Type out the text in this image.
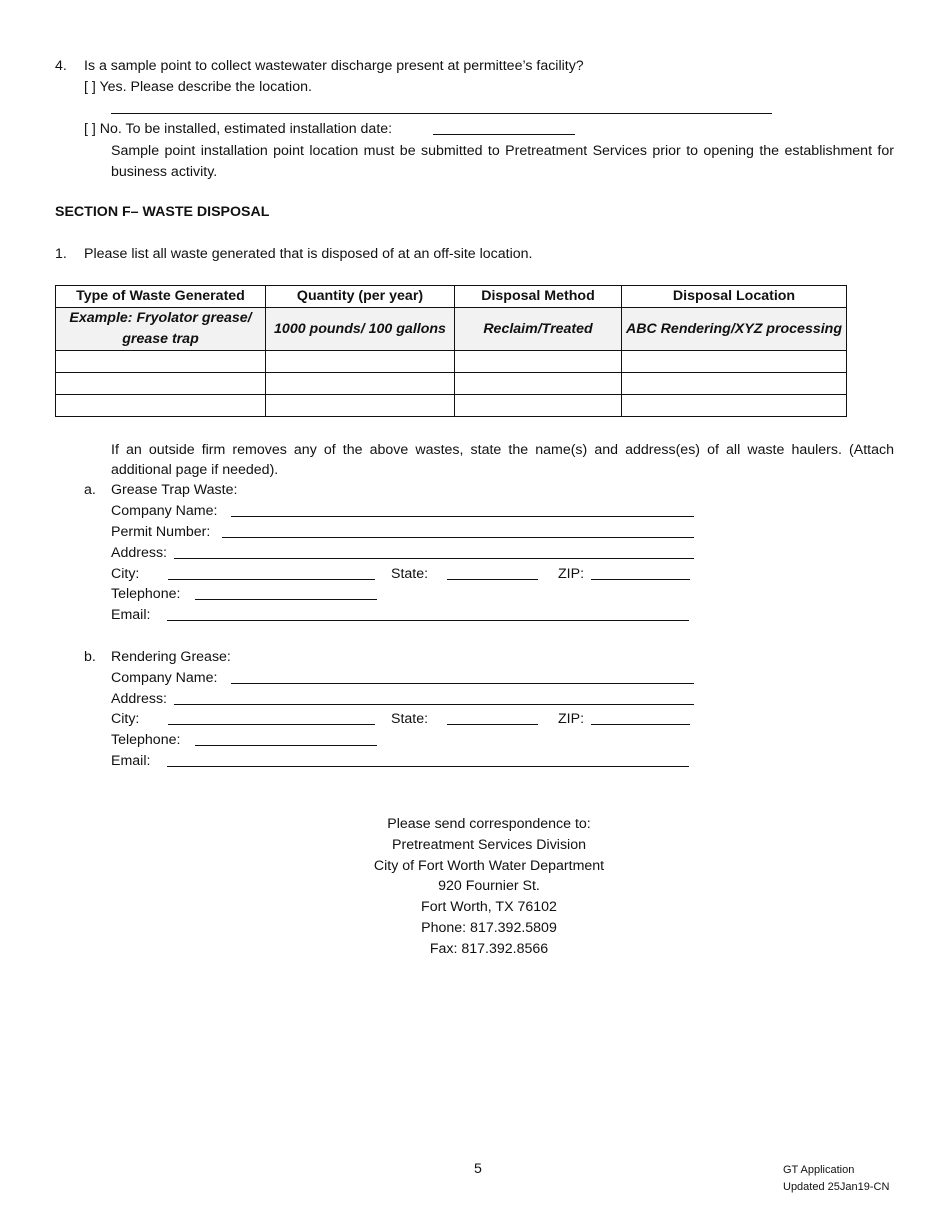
4. Is a sample point to collect wastewater discharge present at permittee’s facility?
[ ] Yes. Please describe the location.
[ ] No. To be installed, estimated installation date:
Sample point installation point location must be submitted to Pretreatment Services prior to opening the establishment for business activity.
SECTION F– WASTE DISPOSAL
1. Please list all waste generated that is disposed of at an off-site location.
Type of Waste Generated	Quantity (per year)	Disposal Method	Disposal Location
Example: Fryolator grease/ grease trap	1000 pounds/ 100 gallons	Reclaim/Treated	ABC Rendering/XYZ processing

If an outside firm removes any of the above wastes, state the name(s) and address(es) of all waste haulers. (Attach additional page if needed).
a. Grease Trap Waste:
Company Name:
Permit Number:
Address:
City:	State:	ZIP:
Telephone:
Email:
b. Rendering Grease:
Company Name:
Address:
City:	State:	ZIP:
Telephone:
Email:
Please send correspondence to:
Pretreatment Services Division
City of Fort Worth Water Department
920 Fournier St.
Fort Worth, TX 76102
Phone: 817.392.5809
Fax: 817.392.8566
5	GT Application
Updated 25Jan19-CN
